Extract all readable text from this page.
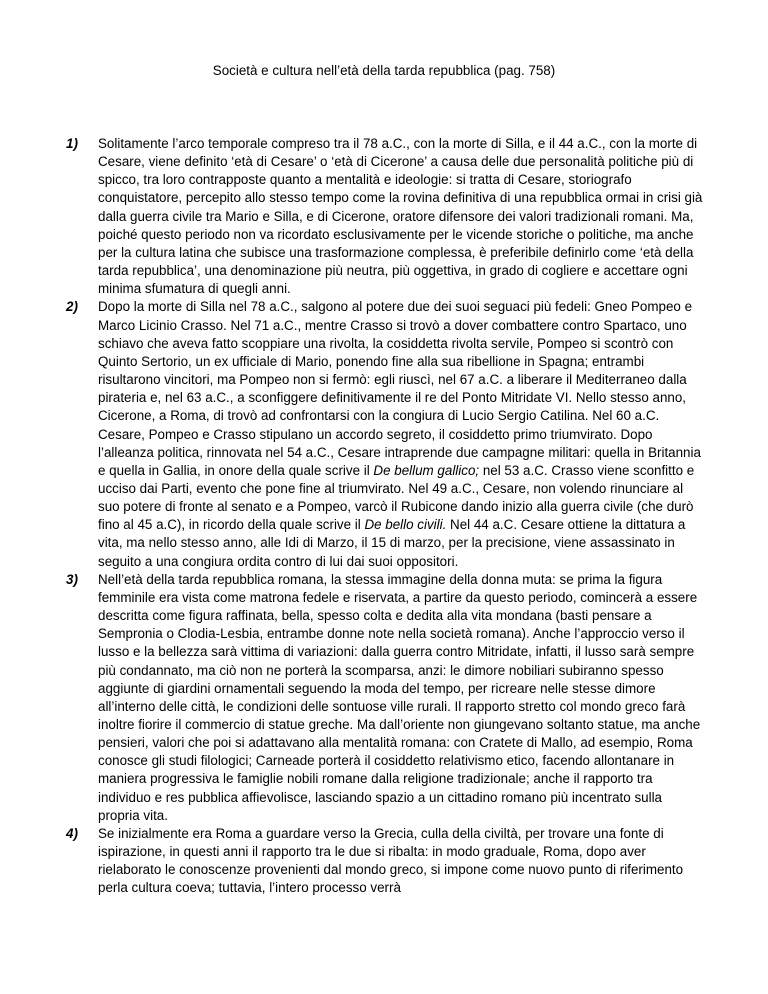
Società e cultura nell’età della tarda repubblica (pag. 758)
1) Solitamente l’arco temporale compreso tra il 78 a.C., con la morte di Silla, e il 44 a.C., con la morte di Cesare, viene definito ‘età di Cesare’ o ‘età di Cicerone’ a causa delle due personalità politiche più di spicco, tra loro contrapposte quanto a mentalità e ideologie: si tratta di Cesare, storiografo conquistatore, percepito allo stesso tempo come la rovina definitiva di una repubblica ormai in crisi già dalla guerra civile tra Mario e Silla, e di Cicerone, oratore difensore dei valori tradizionali romani. Ma, poiché questo periodo non va ricordato esclusivamente per le vicende storiche o politiche, ma anche per la cultura latina che subisce una trasformazione complessa, è preferibile definirlo come ‘età della tarda repubblica’, una denominazione più neutra, più oggettiva, in grado di cogliere e accettare ogni minima sfumatura di quegli anni.
2) Dopo la morte di Silla nel 78 a.C., salgono al potere due dei suoi seguaci più fedeli: Gneo Pompeo e Marco Licinio Crasso. Nel 71 a.C., mentre Crasso si trovò a dover combattere contro Spartaco, uno schiavo che aveva fatto scoppiare una rivolta, la cosiddetta rivolta servile, Pompeo si scontrò con Quinto Sertorio, un ex ufficiale di Mario, ponendo fine alla sua ribellione in Spagna; entrambi risultarono vincitori, ma Pompeo non si fermò: egli riuscì, nel 67 a.C. a liberare il Mediterraneo dalla pirateria e, nel 63 a.C., a sconfiggere definitivamente il re del Ponto Mitridate VI. Nello stesso anno, Cicerone, a Roma, di trovò ad confrontarsi con la congiura di Lucio Sergio Catilina. Nel 60 a.C. Cesare, Pompeo e Crasso stipulano un accordo segreto, il cosiddetto primo triumvirato. Dopo l’alleanza politica, rinnovata nel 54 a.C., Cesare intraprende due campagne militari: quella in Britannia e quella in Gallia, in onore della quale scrive il De bellum gallico; nel 53 a.C. Crasso viene sconfitto e ucciso dai Parti, evento che pone fine al triumvirato. Nel 49 a.C., Cesare, non volendo rinunciare al suo potere di fronte al senato e a Pompeo, varcò il Rubicone dando inizio alla guerra civile (che durò fino al 45 a.C), in ricordo della quale scrive il De bello civili. Nel 44 a.C. Cesare ottiene la dittatura a vita, ma nello stesso anno, alle Idi di Marzo, il 15 di marzo, per la precisione, viene assassinato in seguito a una congiura ordita contro di lui dai suoi oppositori.
3) Nell’età della tarda repubblica romana, la stessa immagine della donna muta: se prima la figura femminile era vista come matrona fedele e riservata, a partire da questo periodo, comincerà a essere descritta come figura raffinata, bella, spesso colta e dedita alla vita mondana (basti pensare a Sempronia o Clodia-Lesbia, entrambe donne note nella società romana). Anche l’approccio verso il lusso e la bellezza sarà vittima di variazioni: dalla guerra contro Mitridate, infatti, il lusso sarà sempre più condannato, ma ciò non ne porterà la scomparsa, anzi: le dimore nobiliari subiranno spesso aggiunte di giardini ornamentali seguendo la moda del tempo, per ricreare nelle stesse dimore all’interno delle città, le condizioni delle sontuose ville rurali. Il rapporto stretto col mondo greco farà inoltre fiorire il commercio di statue greche. Ma dall’oriente non giungevano soltanto statue, ma anche pensieri, valori che poi si adattavano alla mentalità romana: con Cratete di Mallo, ad esempio, Roma conosce gli studi filologici; Carneade porterà il cosiddetto relativismo etico, facendo allontanare in maniera progressiva le famiglie nobili romane dalla religione tradizionale; anche il rapporto tra individuo e res pubblica affievolisce, lasciando spazio a un cittadino romano più incentrato sulla propria vita.
4) Se inizialmente era Roma a guardare verso la Grecia, culla della civiltà, per trovare una fonte di ispirazione, in questi anni il rapporto tra le due si ribalta: in modo graduale, Roma, dopo aver rielaborato le conoscenze provenienti dal mondo greco, si impone come nuovo punto di riferimento perla cultura coeva; tuttavia, l’intero processo verrà
